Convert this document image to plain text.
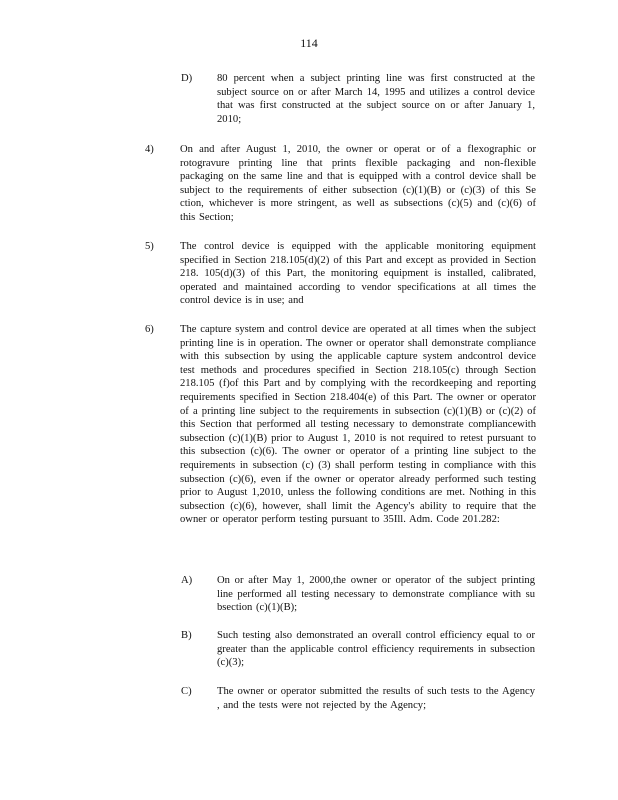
114
D) 80 percent when a subject printing line was first constructed at the subject source on or after March 14, 1995 and utilizes a control device that was first constructed at the subject source on or after January 1, 2010;
4) On and after August 1, 2010, the owner or operat or of a flexographic or rotogravure printing line that prints flexible packaging and non-flexible packaging on the same line and that is equipped with a control device shall be subject to the requirements of either subsection (c)(1)(B) or (c)(3) of this Se ction, whichever is more stringent, as well as subsections (c)(5) and (c)(6) of this Section;
5) The control device is equipped with the applicable monitoring equipment specified in Section 218.105(d)(2) of this Part and except as provided in Section 218. 105(d)(3) of this Part, the monitoring equipment is installed, calibrated, operated and maintained according to vendor specifications at all times the control device is in use; and
6) The capture system and control device are operated at all times when the subject printing line is in operation. The owner or operator shall demonstrate compliance with this subsection by using the applicable capture system andcontrol device test methods and procedures specified in Section 218.105(c) through Section 218.105 (f)of this Part and by complying with the recordkeeping and reporting requirements specified in Section 218.404(e) of this Part. The owner or operator of a printing line subject to the requirements in subsection (c)(1)(B) or (c)(2) of this Section that performed all testing necessary to demonstrate compliancewith subsection (c)(1)(B) prior to August 1, 2010 is not required to retest pursuant to this subsection (c)(6). The owner or operator of a printing line subject to the requirements in subsection (c) (3) shall perform testing in compliance with this subsection (c)(6), even if the owner or operator already performed such testing prior to August 1,2010, unless the following conditions are met. Nothing in this subsection (c)(6), however, shall limit the Agency's ability to require that the owner or operator perform testing pursuant to 35Ill. Adm. Code 201.282:
A) On or after May 1, 2000,the owner or operator of the subject printing line performed all testing necessary to demonstrate compliance with su bsection (c)(1)(B);
B) Such testing also demonstrated an overall control efficiency equal to or greater than the applicable control efficiency requirements in subsection (c)(3);
C) The owner or operator submitted the results of such tests to the Agency , and the tests were not rejected by the Agency;
